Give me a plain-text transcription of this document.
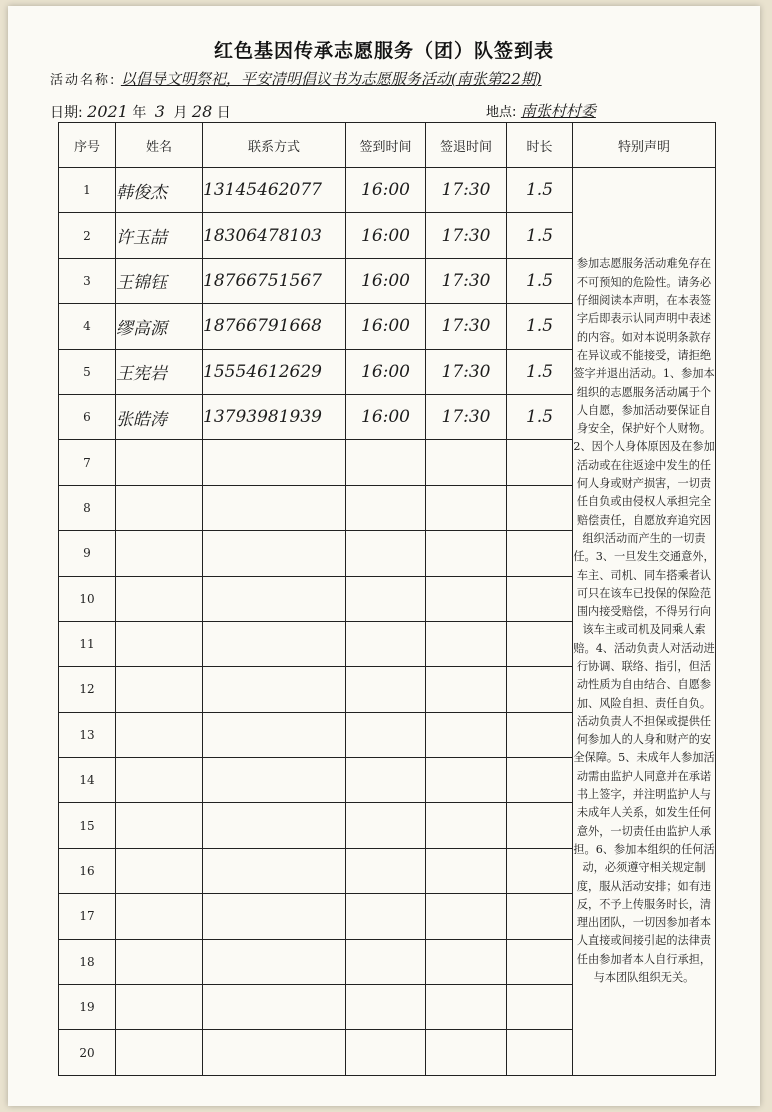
红色基因传承志愿服务（团）队签到表
活动名称: 以倡导文明祭祀，平安清明倡议书为志愿服务活动(南张第22期)
日期: 2021 年 3 月 28 日	地点: 南张村村委
序号	姓名	联系方式	签到时间	签退时间	时长	特别声明
1	韩俊杰	13145462077	16:00	17:30	1.5	参加志愿服务活动难免存在不可预知的危险性。请务必仔细阅读本声明，在本表签字后即表示认同声明中表述的内容。如对本说明条款存在异议或不能接受，请拒绝签字并退出活动。1、参加本组织的志愿服务活动属于个人自愿，参加活动要保证自身安全，保护好个人财物。2、因个人身体原因及在参加活动或在往返途中发生的任何人身或财产损害，一切责任自负或由侵权人承担完全赔偿责任，自愿放弃追究因组织活动而产生的一切责任。3、一旦发生交通意外，车主、司机、同车搭乘者认可只在该车已投保的保险范围内接受赔偿，不得另行向该车主或司机及同乘人索赔。4、活动负责人对活动进行协调、联络、指引，但活动性质为自由结合、自愿参加、风险自担、责任自负。活动负责人不担保或提供任何参加人的人身和财产的安全保障。5、未成年人参加活动需由监护人同意并在承诺书上签字，并注明监护人与未成年人关系，如发生任何意外，一切责任由监护人承担。6、参加本组织的任何活动，必须遵守相关规定制度，服从活动安排；如有违反，不予上传服务时长，清理出团队，一切因参加者本人直接或间接引起的法律责任由参加者本人自行承担，与本团队组织无关。
2	许玉喆	18306478103	16:00	17:30	1.5	
3	王锦钰	18766751567	16:00	17:30	1.5	
4	缪高源	18766791668	16:00	17:30	1.5	
5	王宪岩	15554612629	16:00	17:30	1.5	
6	张皓涛	13793981939	16:00	17:30	1.5	
7						
8						
9						
10						
11						
12						
13						
14						
15						
16						
17						
18						
19						
20						
